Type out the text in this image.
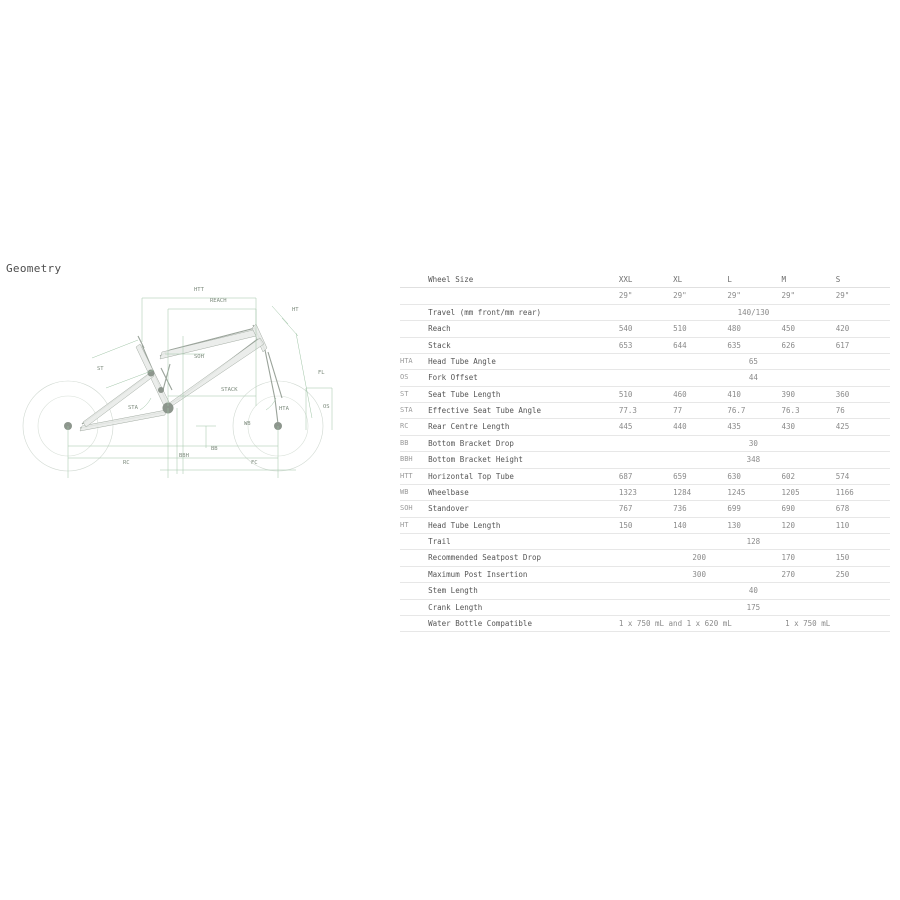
Geometry
HTT
REACH
HT
FL
OS
SOH
ST
STACK
HTA
STA
WB
BB
BBH
RC	FC
	Wheel Size	XXL	XL	L	M	S
		29"	29"	29"	29"	29"
	Travel (mm front/mm rear)	140/130				
	Reach	540	510	480	450	420
	Stack	653	644	635	626	617
HTA	Head Tube Angle	65				
OS	Fork Offset	44				
ST	Seat Tube Length	510	460	410	390	360
STA	Effective Seat Tube Angle	77.3	77	76.7	76.3	76
RC	Rear Centre Length	445	440	435	430	425
BB	Bottom Bracket Drop	30				
BBH	Bottom Bracket Height	348				
HTT	Horizontal Top Tube	687	659	630	602	574
WB	Wheelbase	1323	1284	1245	1205	1166
SOH	Standover	767	736	699	690	678
HT	Head Tube Length	150	140	130	120	110
	Trail	128				
	Recommended Seatpost Drop	200			170	150
	Maximum Post Insertion	300			270	250
	Stem Length	40				
	Crank Length	175				
	Water Bottle Compatible	1 x 750 mL and 1 x 620 mL		1 x 750 mL		
